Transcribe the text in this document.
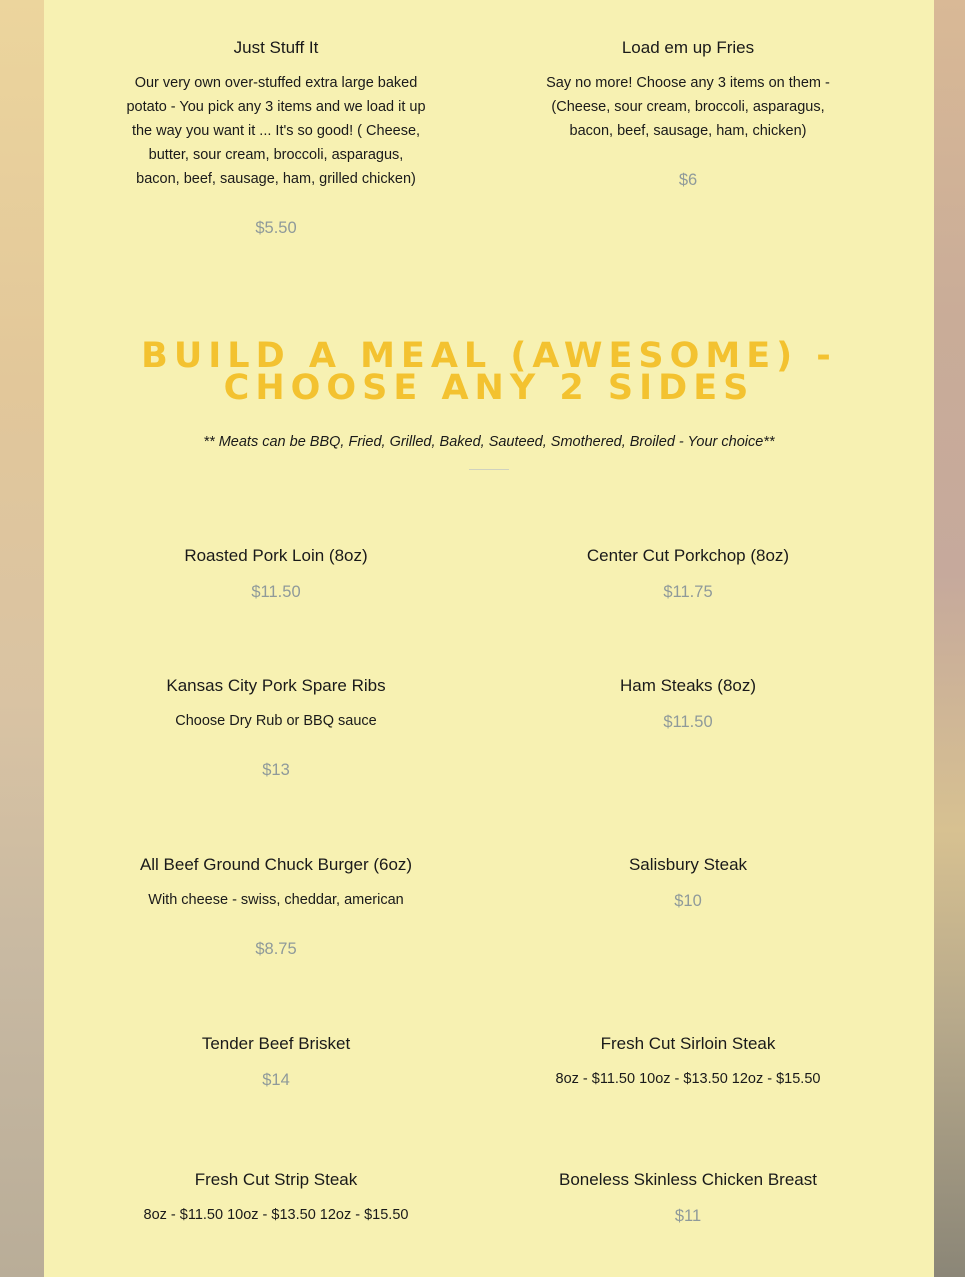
Just Stuff It

Our very own over-stuffed extra large baked potato - You pick any 3 items and we load it up the way you want it ... It's so good! ( Cheese, butter, sour cream, broccoli, asparagus, bacon, beef, sausage, ham, grilled chicken)

$5.50

Load em up Fries

Say no more! Choose any 3 items on them - (Cheese, sour cream, broccoli, asparagus, bacon, beef, sausage, ham, chicken)

$6

BUILD A MEAL (AWESOME) - CHOOSE ANY 2 SIDES

** Meats can be BBQ, Fried, Grilled, Baked, Sauteed, Smothered, Broiled - Your choice**

Roasted Pork Loin (8oz)

$11.50

Center Cut Porkchop (8oz)

$11.75

Kansas City Pork Spare Ribs

Choose Dry Rub or BBQ sauce

$13

Ham Steaks (8oz)

$11.50

All Beef Ground Chuck Burger (6oz)

With cheese - swiss, cheddar, american

$8.75

Salisbury Steak

$10

Tender Beef Brisket

$14

Fresh Cut Sirloin Steak

8oz - $11.50 10oz - $13.50 12oz - $15.50

Fresh Cut Strip Steak

8oz - $11.50 10oz - $13.50 12oz - $15.50

Boneless Skinless Chicken Breast

$11
